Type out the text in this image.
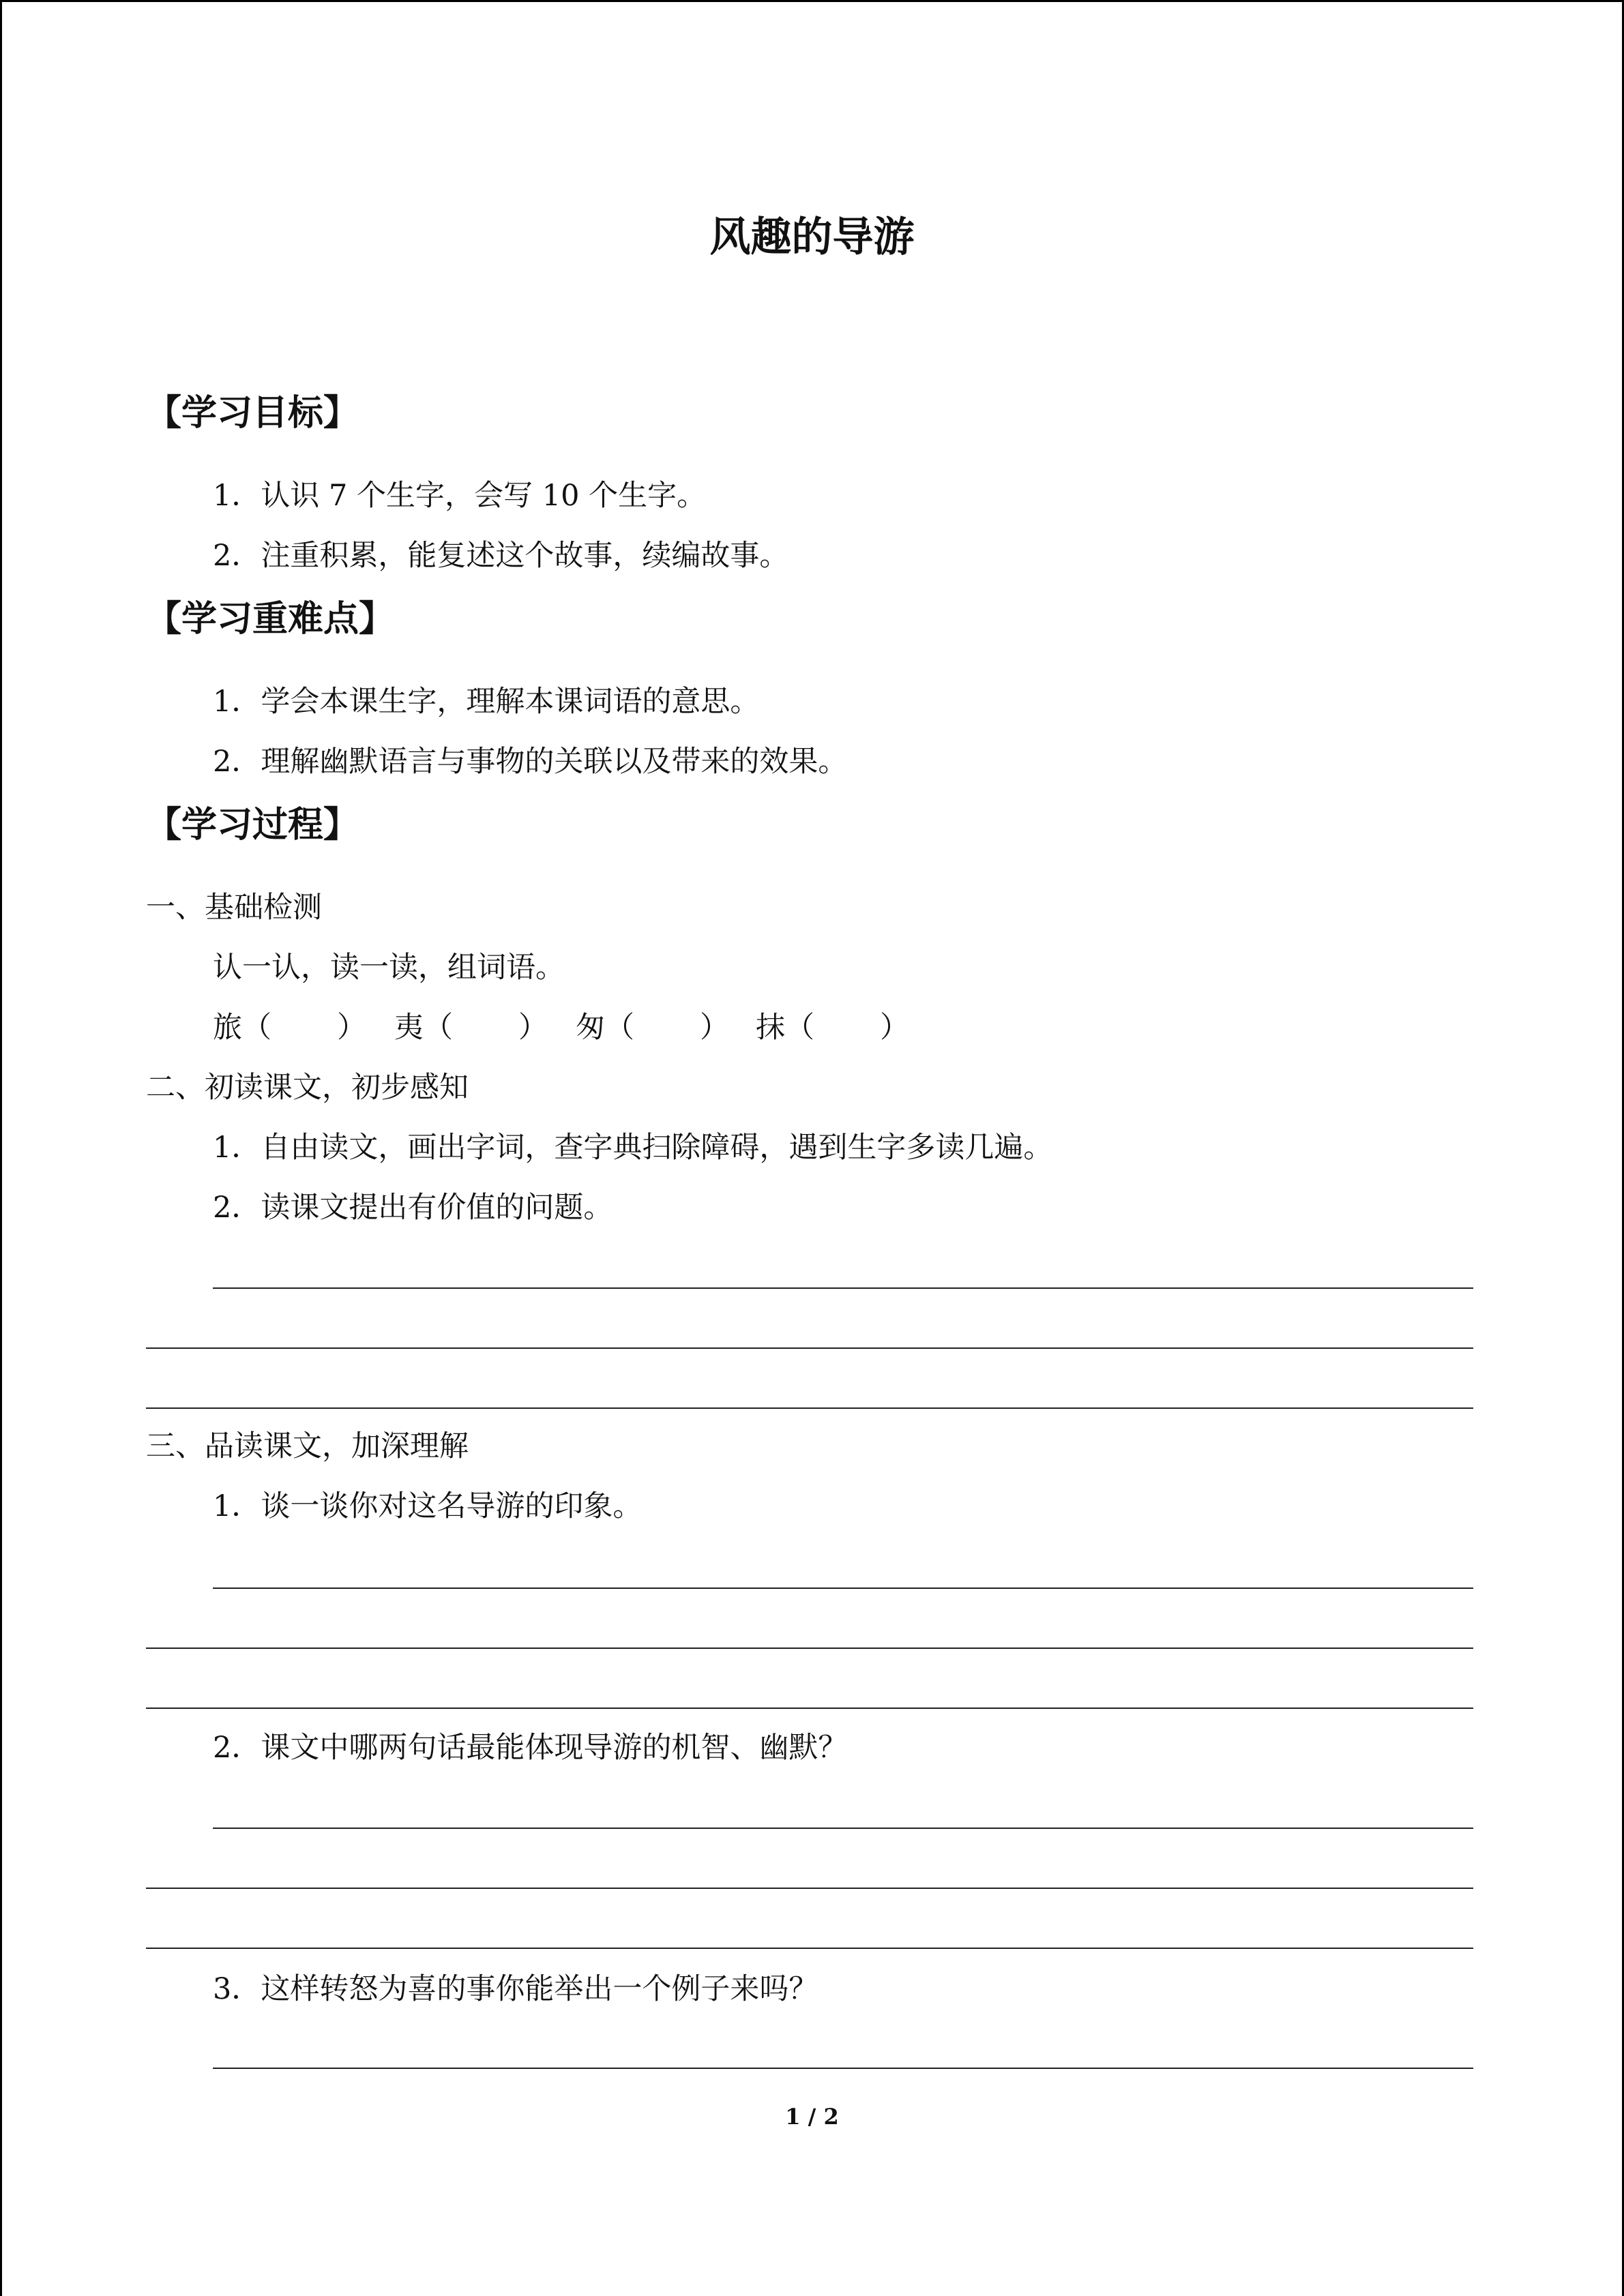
风趣的导游
【学习目标】
1．认识 7 个生字，会写 10 个生字。
2．注重积累，能复述这个故事，续编故事。
【学习重难点】
1．学会本课生字，理解本课词语的意思。
2．理解幽默语言与事物的关联以及带来的效果。
【学习过程】
一、基础检测
认一认，读一读，组词语。
旅（ ） 夷（ ） 匆（ ） 抹（ ）
二、初读课文，初步感知
1．自由读文，画出字词，查字典扫除障碍，遇到生字多读几遍。
2．读课文提出有价值的问题。
三、品读课文，加深理解
1．谈一谈你对这名导游的印象。
2．课文中哪两句话最能体现导游的机智、幽默？
3．这样转怒为喜的事你能举出一个例子来吗？
1 / 2
